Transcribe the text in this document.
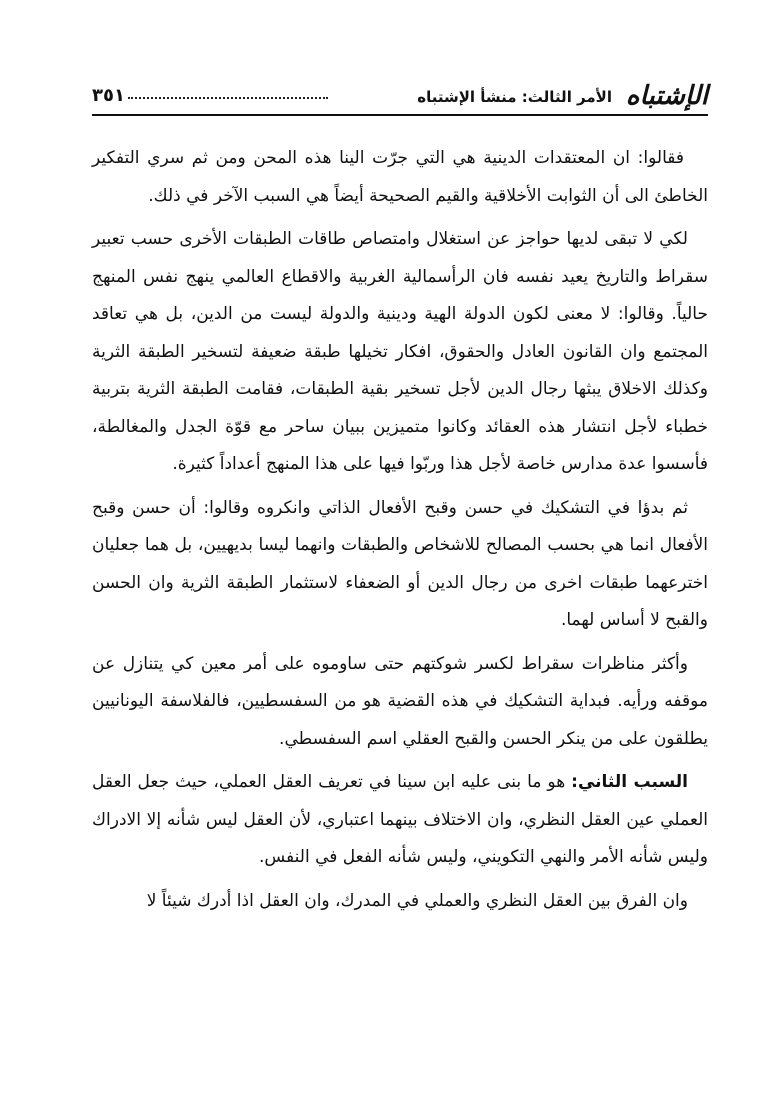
الإشتباه
الأمر الثالث: منشأ الإشتباه
٣٥١

فقالوا: ان المعتقدات الدينية هي التي جرّت الينا هذه المحن ومن ثم سري التفكير الخاطئ الى أن الثوابت الأخلاقية والقيم الصحيحة أيضاً هي السبب الآخر في ذلك.

لكي لا تبقى لديها حواجز عن استغلال وامتصاص طاقات الطبقات الأخرى حسب تعبير سقراط والتاريخ يعيد نفسه فان الرأسمالية الغربية والاقطاع العالمي ينهج نفس المنهج حالياً. وقالوا: لا معنى لكون الدولة الهية ودينية والدولة ليست من الدين، بل هي تعاقد المجتمع وان القانون العادل والحقوق، افكار تخيلها طبقة ضعيفة لتسخير الطبقة الثرية وكذلك الاخلاق يبثها رجال الدين لأجل تسخير بقية الطبقات، فقامت الطبقة الثرية بتربية خطباء لأجل انتشار هذه العقائد وكانوا متميزين ببيان ساحر مع قوّة الجدل والمغالطة، فأسسوا عدة مدارس خاصة لأجل هذا وربّوا فيها على هذا المنهج أعداداً كثيرة.

ثم بدؤا في التشكيك في حسن وقبح الأفعال الذاتي وانكروه وقالوا: أن حسن وقبح الأفعال انما هي بحسب المصالح للاشخاص والطبقات وانهما ليسا بديهيين، بل هما جعليان اخترعهما طبقات اخرى من رجال الدين أو الضعفاء لاستثمار الطبقة الثرية وان الحسن والقبح لا أساس لهما.

وأكثر مناظرات سقراط لكسر شوكتهم حتى ساوموه على أمر معين كي يتنازل عن موقفه ورأيه. فبداية التشكيك في هذه القضية هو من السفسطيين، فالفلاسفة اليونانيين يطلقون على من ينكر الحسن والقبح العقلي اسم السفسطي.

السبب الثاني: هو ما بنى عليه ابن سينا في تعريف العقل العملي، حيث جعل العقل العملي عين العقل النظري، وان الاختلاف بينهما اعتباري، لأن العقل ليس شأنه إلا الادراك وليس شأنه الأمر والنهي التكويني، وليس شأنه الفعل في النفس.

وان الفرق بين العقل النظري والعملي في المدرك، وان العقل اذا أدرك شيئاً لا
